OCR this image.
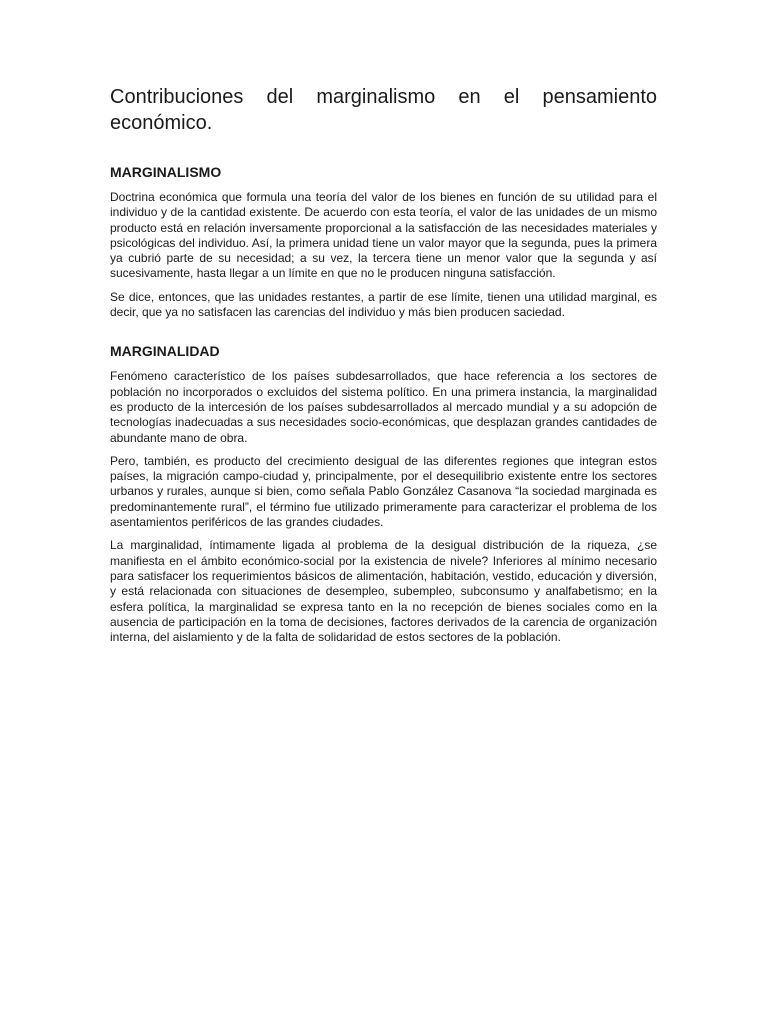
Contribuciones del marginalismo en el pensamiento económico.
MARGINALISMO

Doctrina económica que formula una teoría del valor de los bienes en función de su utilidad para el individuo y de la cantidad existente. De acuerdo con esta teoría, el valor de las unidades de un mismo producto está en relación inversamente proporcional a la satisfacción de las necesidades materiales y psicológicas del individuo. Así, la primera unidad tiene un valor mayor que la segunda, pues la primera ya cubrió parte de su necesidad; a su vez, la tercera tiene un menor valor que la segunda y así sucesivamente, hasta llegar a un límite en que no le producen ninguna satisfacción.

Se dice, entonces, que las unidades restantes, a partir de ese límite, tienen una utilidad marginal, es decir, que ya no satisfacen las carencias del individuo y más bien producen saciedad.

MARGINALIDAD

Fenómeno característico de los países subdesarrollados, que hace referencia a los sectores de población no incorporados o excluidos del sistema político. En una primera instancia, la marginalidad es producto de la intercesión de los países subdesarrollados al mercado mundial y a su adopción de tecnologías inadecuadas a sus necesidades socio-económicas, que desplazan grandes cantidades de abundante mano de obra.

Pero, también, es producto del crecimiento desigual de las diferentes regiones que integran estos países, la migración campo-ciudad y, principalmente, por el desequilibrio existente entre los sectores urbanos y rurales, aunque si bien, como señala Pablo González Casanova “la sociedad marginada es predominantemente rural”, el término fue utilizado primeramente para caracterizar el problema de los asentamientos periféricos de las grandes ciudades.

La marginalidad, íntimamente ligada al problema de la desigual distribución de la riqueza, ¿se manifiesta en el ámbito económico-social por la existencia de nivele? Inferiores al mínimo necesario para satisfacer los requerimientos básicos de alimentación, habitación, vestido, educación y diversión, y está relacionada con situaciones de desempleo, subempleo, subconsumo y analfabetismo; en la esfera política, la marginalidad se expresa tanto en la no recepción de bienes sociales como en la ausencia de participación en la toma de decisiones, factores derivados de la carencia de organización interna, del aislamiento y de la falta de solidaridad de estos sectores de la población.
